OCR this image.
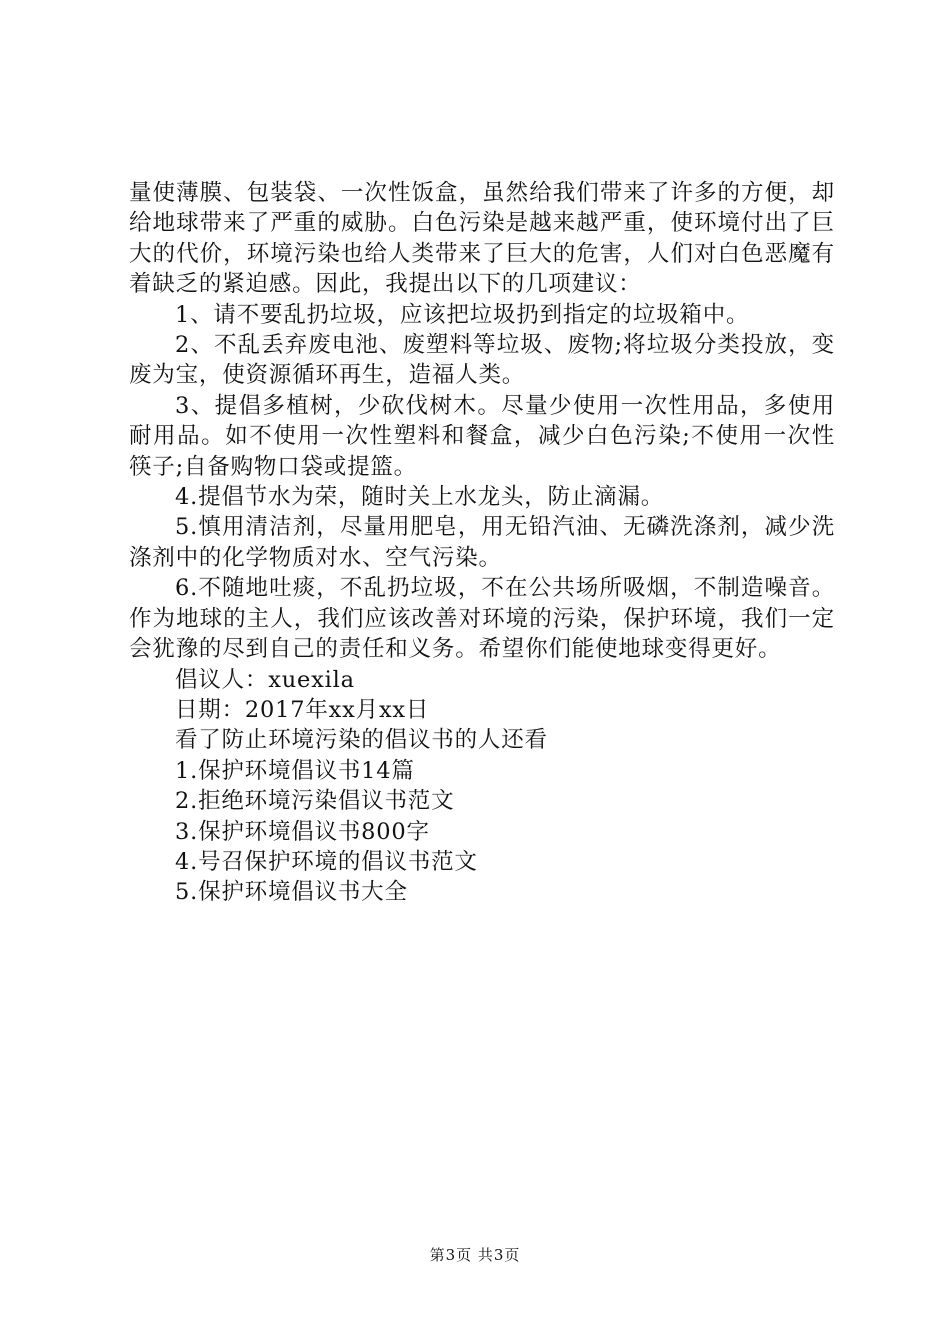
量使薄膜、包装袋、一次性饭盒，虽然给我们带来了许多的方便，却给地球带来了严重的威胁。白色污染是越来越严重，使环境付出了巨大的代价，环境污染也给人类带来了巨大的危害，人们对白色恶魔有着缺乏的紧迫感。因此，我提出以下的几项建议：

1、请不要乱扔垃圾，应该把垃圾扔到指定的垃圾箱中。

2、不乱丢弃废电池、废塑料等垃圾、废物;将垃圾分类投放，变废为宝，使资源循环再生，造福人类。

3、提倡多植树，少砍伐树木。尽量少使用一次性用品，多使用耐用品。如不使用一次性塑料和餐盒，减少白色污染;不使用一次性筷子;自备购物口袋或提篮。

4.提倡节水为荣，随时关上水龙头，防止滴漏。

5.慎用清洁剂，尽量用肥皂，用无铅汽油、无磷洗涤剂，减少洗涤剂中的化学物质对水、空气污染。

6.不随地吐痰，不乱扔垃圾，不在公共场所吸烟，不制造噪音。作为地球的主人，我们应该改善对环境的污染，保护环境，我们一定会犹豫的尽到自己的责任和义务。希望你们能使地球变得更好。

倡议人：xuexila

日期：2017年xx月xx日

看了防止环境污染的倡议书的人还看

1.保护环境倡议书14篇

2.拒绝环境污染倡议书范文

3.保护环境倡议书800字

4.号召保护环境的倡议书范文

5.保护环境倡议书大全

第3页 共3页
